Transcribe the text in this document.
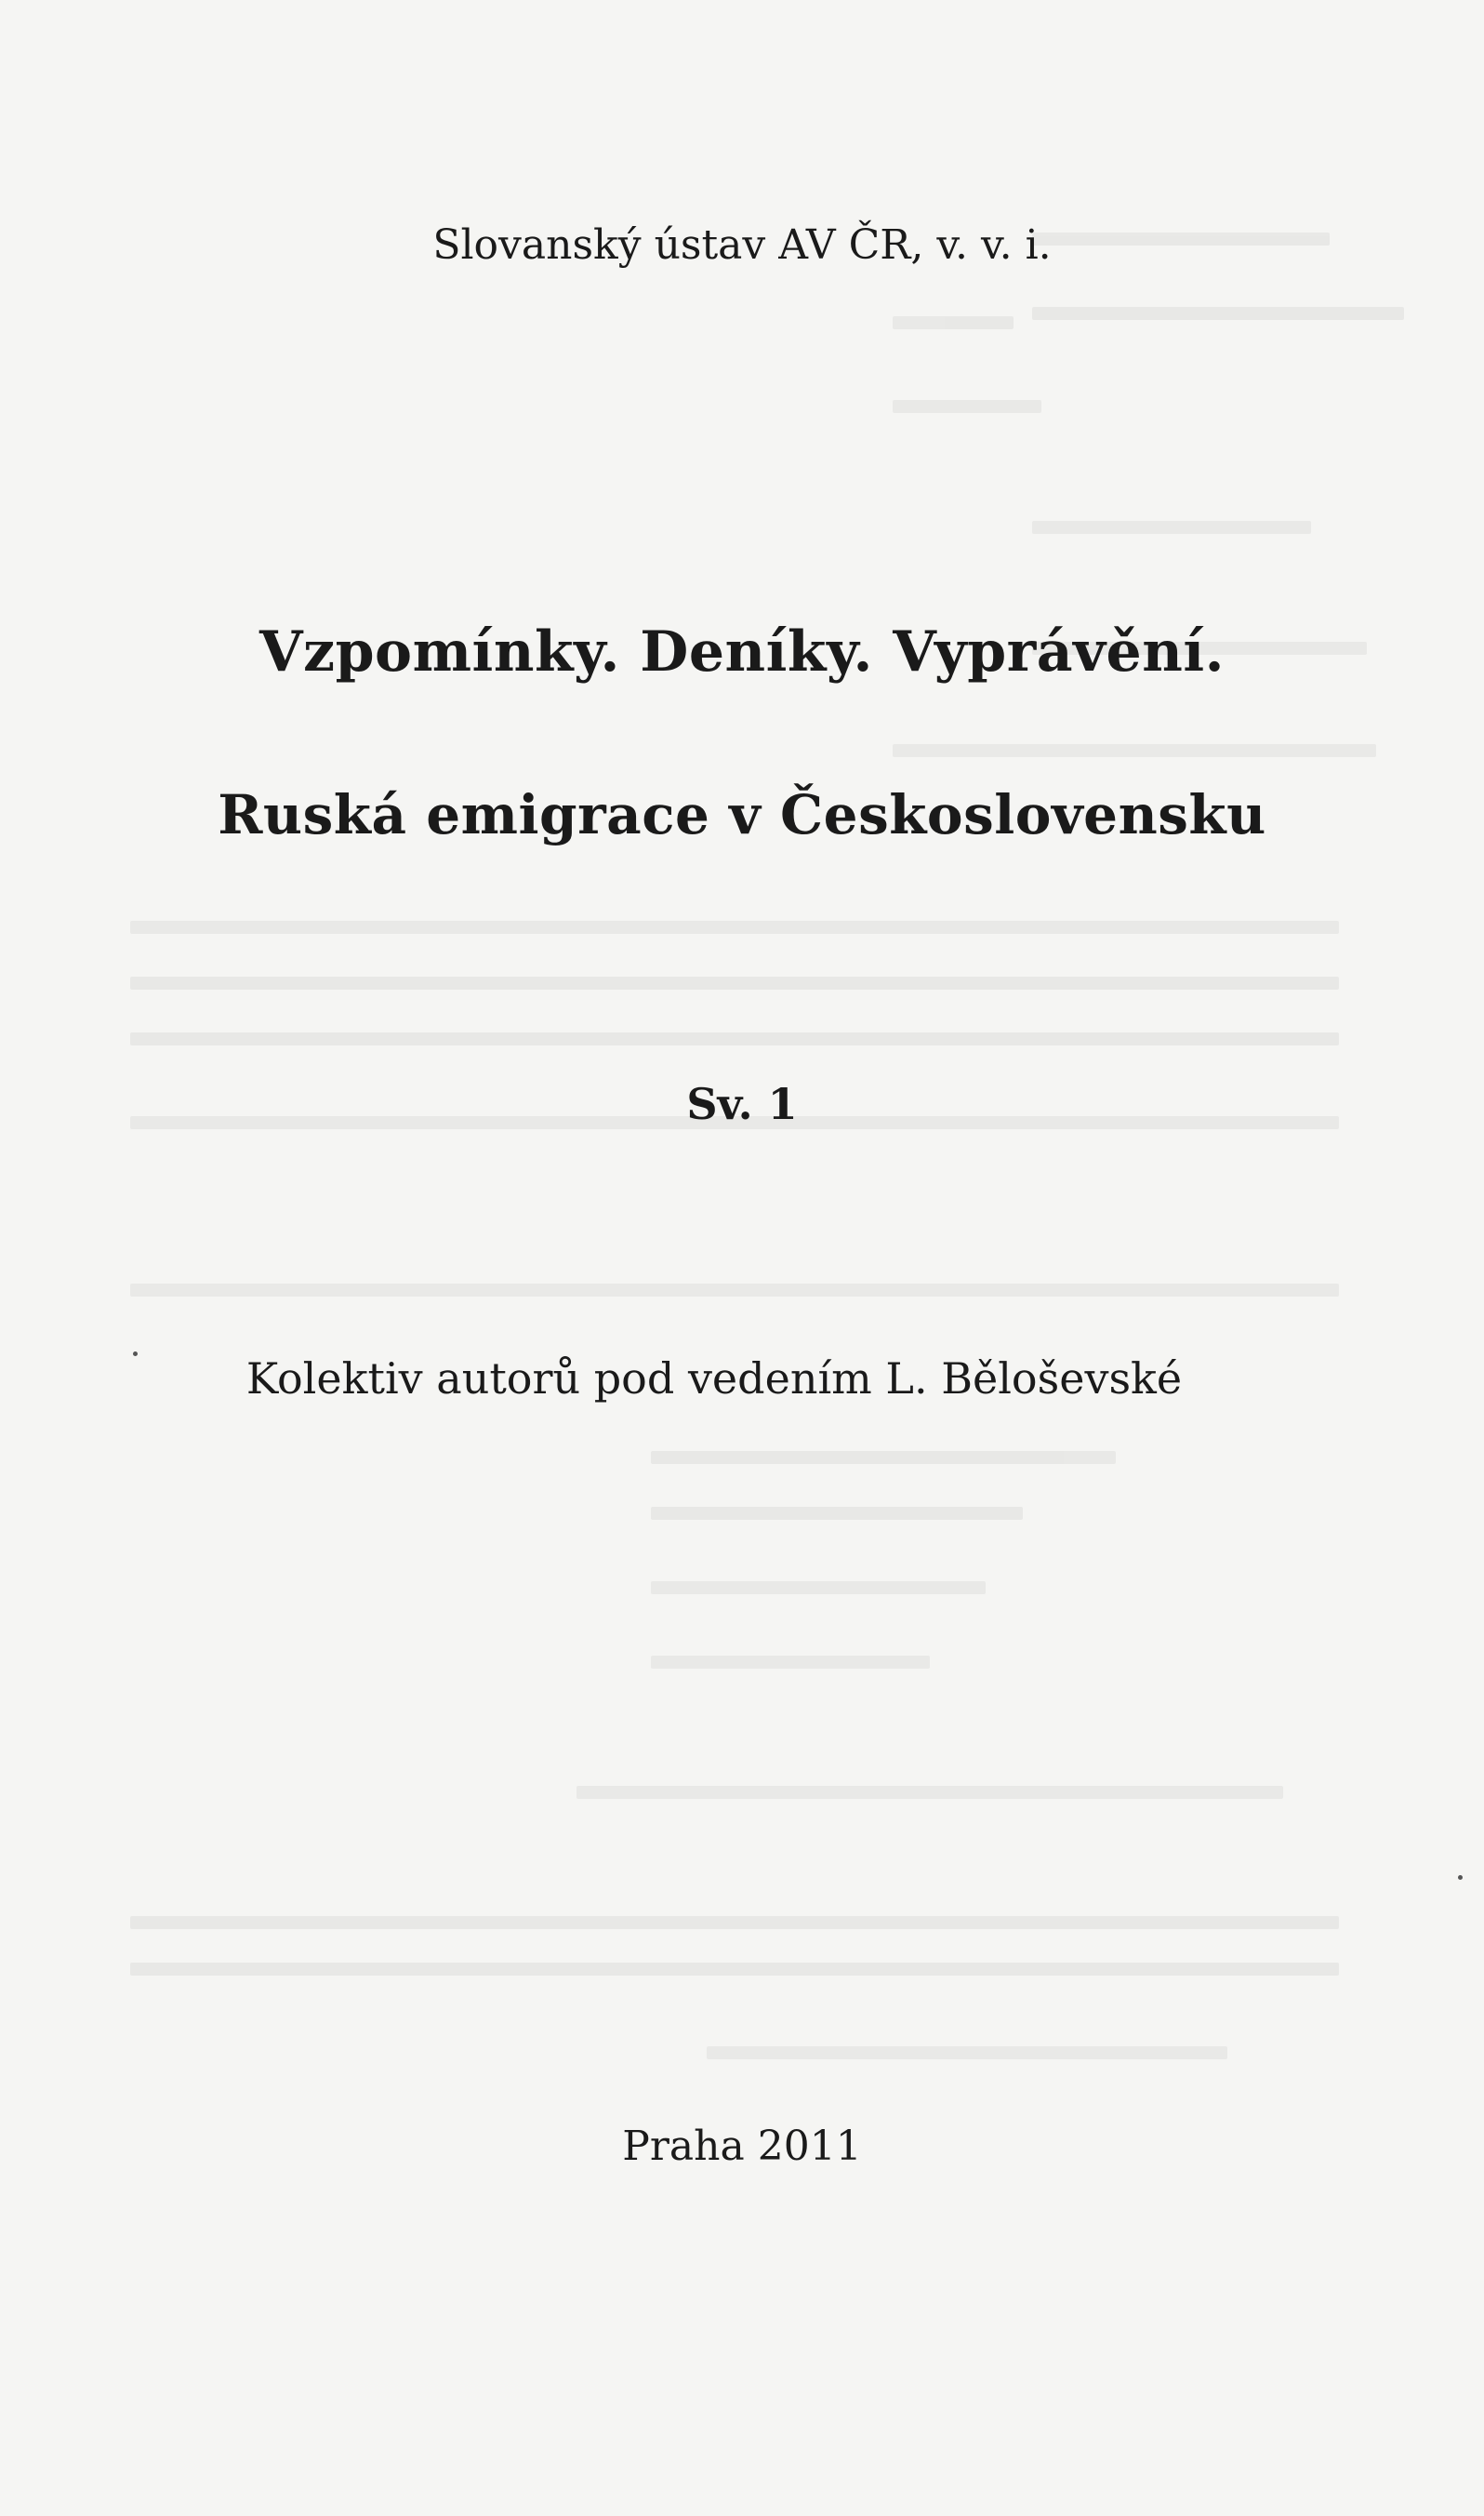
Slovanský ústav AV ČR, v. v. i.
Vzpomínky. Deníky. Vyprávění.
Ruská emigrace v Československu
Sv. 1
Kolektiv autorů pod vedením L. Běloševské
Praha 2011
